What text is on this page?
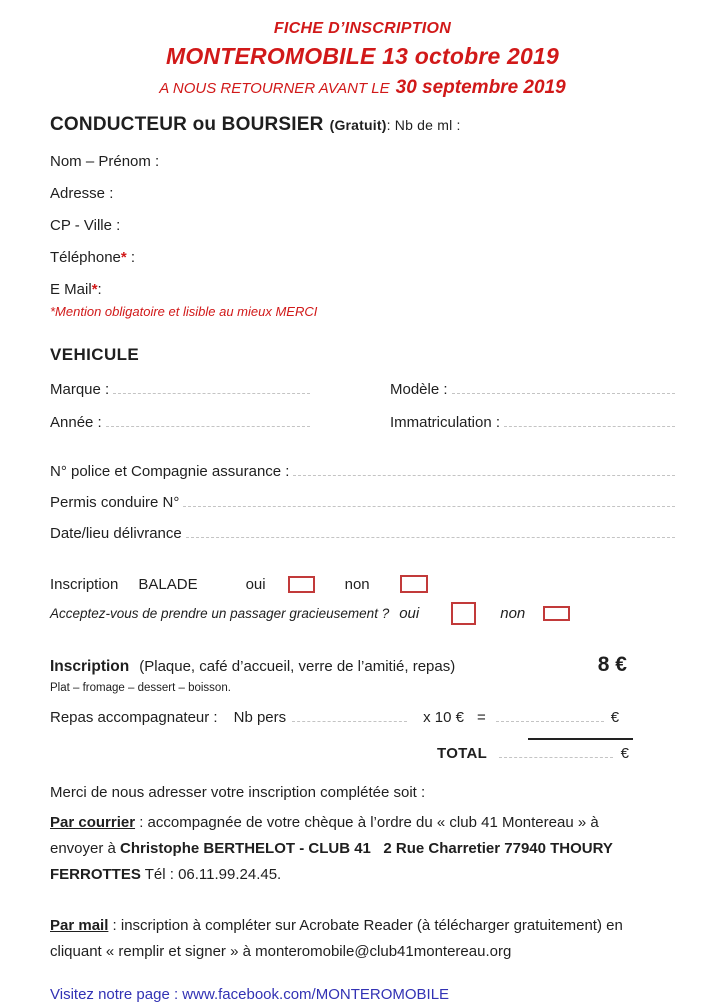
FICHE D’INSCRIPTION
MONTEROMOBILE 13 octobre 2019
A NOUS RETOURNER AVANT LE 30 septembre 2019
CONDUCTEUR ou BOURSIER (Gratuit): Nb de ml :
Nom – Prénom :
Adresse :
CP - Ville :
Téléphone* :
E Mail*:
*Mention obligatoire et lisible au mieux MERCI
VEHICULE
Marque :	Modèle :
Année :	Immatriculation :
N° police et Compagnie assurance :
Permis conduire N°
Date/lieu délivrance
Inscription BALADE	oui	non
Acceptez-vous de prendre un passager gracieusement ? oui	non
Inscription (Plaque, café d’accueil, verre de l’amitié, repas)	8 €
Plat – fromage – dessert – boisson.
Repas accompagnateur : Nb pers	x 10 € =	€
TOTAL	€
Merci de nous adresser votre inscription complétée soit :
Par courrier : accompagnée de votre chèque à l’ordre du « club 41 Montereau » à envoyer à Christophe BERTHELOT - CLUB 41   2 Rue Charretier 77940 THOURY FERROTTES Tél : 06.11.99.24.45.
Par mail : inscription à compléter sur Acrobate Reader (à télécharger gratuitement) en cliquant « remplir et signer » à monteromobile@club41montereau.org
Visitez notre page : www.facebook.com/MONTEROMOBILE
